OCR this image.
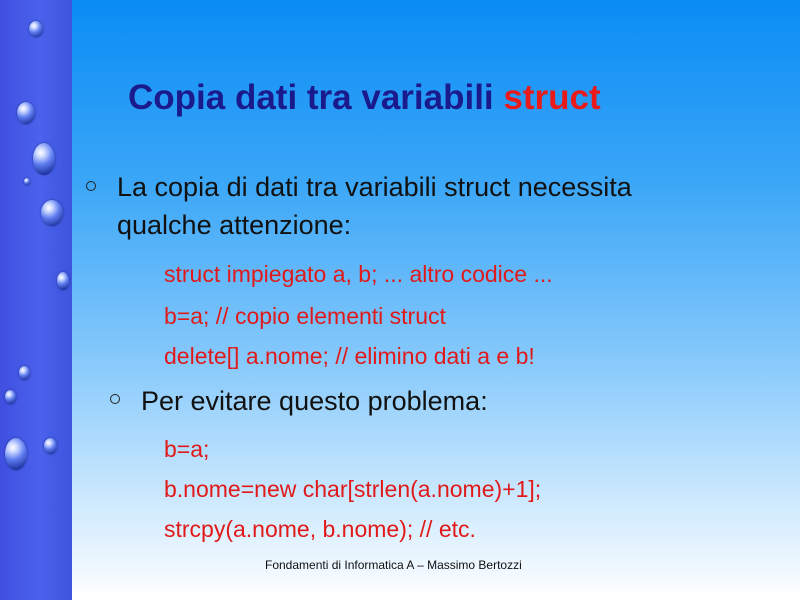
Copia dati tra variabili struct
La copia di dati tra variabili struct necessita
qualche attenzione:
struct impiegato a, b; ... altro codice ...
b=a; // copio elementi struct
delete[] a.nome; // elimino dati a e b!
Per evitare questo problema:
b=a;
b.nome=new char[strlen(a.nome)+1];
strcpy(a.nome, b.nome); // etc.
Fondamenti di Informatica A – Massimo Bertozzi
